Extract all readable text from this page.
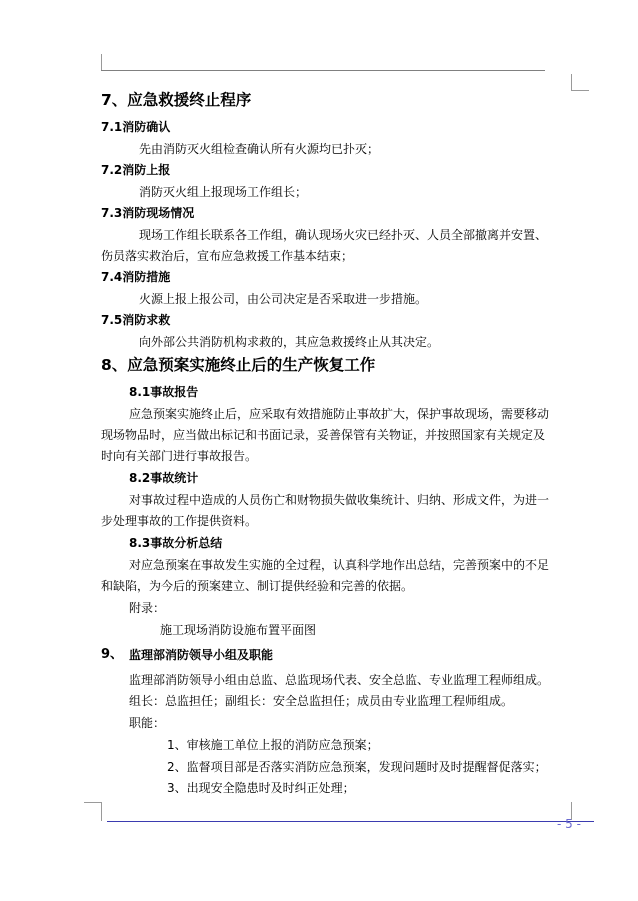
- 5 -
7、应急救援终止程序
7.1消防确认
先由消防灭火组检查确认所有火源均已扑灭；
7.2消防上报
消防灭火组上报现场工作组长；
7.3消防现场情况
现场工作组长联系各工作组，确认现场火灾已经扑灭、人员全部撤离并安置、
伤员落实救治后，宣布应急救援工作基本结束；
7.4消防措施
火源上报上报公司，由公司决定是否采取进一步措施。
7.5消防求救
向外部公共消防机构求救的，其应急救援终止从其决定。
8、应急预案实施终止后的生产恢复工作
8.1事故报告
应急预案实施终止后，应采取有效措施防止事故扩大，保护事故现场，需要移动
现场物品时，应当做出标记和书面记录，妥善保管有关物证，并按照国家有关规定及
时向有关部门进行事故报告。
8.2事故统计
对事故过程中造成的人员伤亡和财物损失做收集统计、归纳、形成文件，为进一
步处理事故的工作提供资料。
8.3事故分析总结
对应急预案在事故发生实施的全过程，认真科学地作出总结，完善预案中的不足
和缺陷，为今后的预案建立、制订提供经验和完善的依据。
附录：
施工现场消防设施布置平面图
9、 监理部消防领导小组及职能
监理部消防领导小组由总监、总监现场代表、安全总监、专业监理工程师组成。
组长：总监担任；副组长：安全总监担任；成员由专业监理工程师组成。
职能：
1、审核施工单位上报的消防应急预案；
2、监督项目部是否落实消防应急预案，发现问题时及时提醒督促落实；
3、出现安全隐患时及时纠正处理；
